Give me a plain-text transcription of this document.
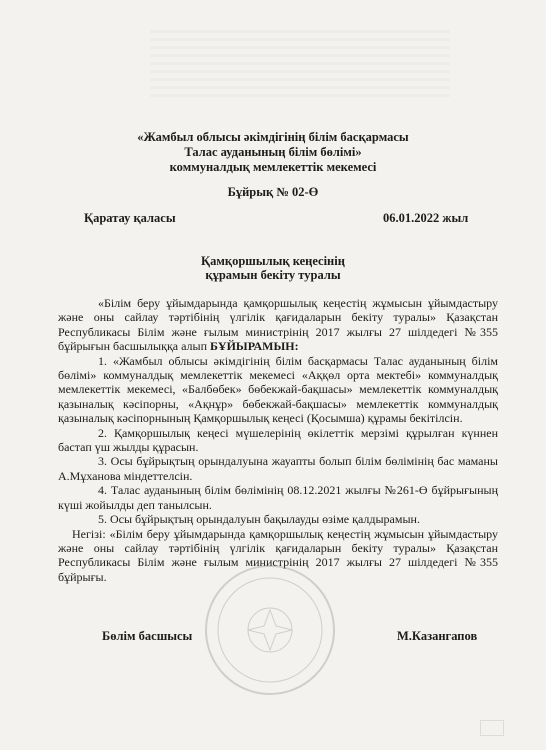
«Жамбыл облысы әкімдігінің білім басқармасы
Талас ауданының білім бөлімі»
коммуналдық мемлекеттік мекемесі
Бұйрық № 02-Ө
Қаратау қаласы	06.01.2022 жыл
Қамқоршылық кеңесінің
құрамын бекіту туралы

«Білім беру ұйымдарында қамқоршылық кеңестің жұмысын ұйымдастыру және оны сайлау тәртібінің үлгілік қағидаларын бекіту туралы» Қазақстан Республикасы Білім және ғылым министрінің 2017 жылғы 27 шілдедегі №355 бұйрығын басшылыққа алып БҰЙЫРАМЫН:

1. «Жамбыл облысы әкімдігінің білім басқармасы Талас ауданының білім бөлімі» коммуналдық мемлекеттік мекемесі «Аққөл орта мектебі» коммуналдық мемлекеттік мекемесі, «Балбөбек» бөбекжай-бақшасы» мемлекеттік коммуналдық қазыналық кәсіпорны, «Ақнұр» бөбекжай-бақшасы» мемлекеттік коммуналдық қазыналық кәсіпорнының Қамқоршылық кеңесі (Қосымша) құрамы бекітілсін.

2. Қамқоршылық кеңесі мүшелерінің өкілеттік мерзімі құрылған күннен бастап үш жылды құрасын.

3. Осы бұйрықтың орындалуына жауапты болып білім бөлімінің бас маманы А.Мұханова міндеттелсін.

4. Талас ауданының білім бөлімінің 08.12.2021 жылғы №261-Ө бұйрығының күші жойылды деп танылсын.

5. Осы бұйрықтың орындалуын бақылауды өзіме қалдырамын.

Негізі: «Білім беру ұйымдарында қамқоршылық кеңестің жұмысын ұйымдастыру және оны сайлау тәртібінің үлгілік қағидаларын бекіту туралы» Қазақстан Республикасы Білім және ғылым министрінің 2017 жылғы 27 шілдедегі №355 бұйрығы.

Бөлім басшысы	М.Казангапов
